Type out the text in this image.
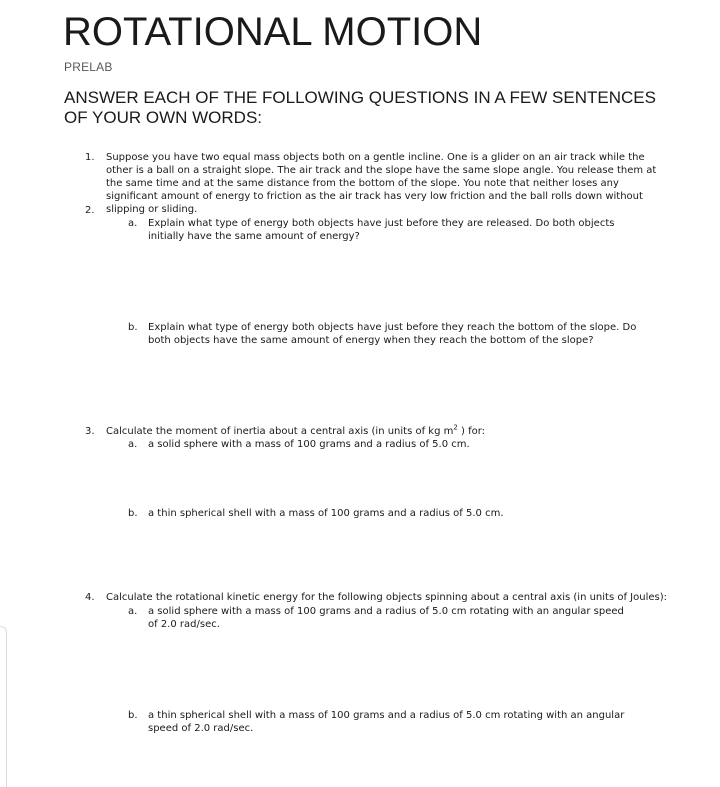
ROTATIONAL MOTION
PRELAB
ANSWER EACH OF THE FOLLOWING QUESTIONS IN A FEW SENTENCES OF YOUR OWN WORDS:
1. Suppose you have two equal mass objects both on a gentle incline. One is a glider on an air track while the other is a ball on a straight slope. The air track and the slope have the same slope angle. You release them at the same time and at the same distance from the bottom of the slope. You note that neither loses any significant amount of energy to friction as the air track has very low friction and the ball rolls down without slipping or sliding.
2.
a. Explain what type of energy both objects have just before they are released. Do both objects initially have the same amount of energy?
b. Explain what type of energy both objects have just before they reach the bottom of the slope. Do both objects have the same amount of energy when they reach the bottom of the slope?
3. Calculate the moment of inertia about a central axis (in units of kg $m^2$ ) for:
a. a solid sphere with a mass of 100 grams and a radius of 5.0 cm.
b. a thin spherical shell with a mass of 100 grams and a radius of 5.0 cm.
4. Calculate the rotational kinetic energy for the following objects spinning about a central axis (in units of Joules):
a. a solid sphere with a mass of 100 grams and a radius of 5.0 cm rotating with an angular speed of 2.0 rad/sec.
b. a thin spherical shell with a mass of 100 grams and a radius of 5.0 cm rotating with an angular speed of 2.0 rad/sec.
